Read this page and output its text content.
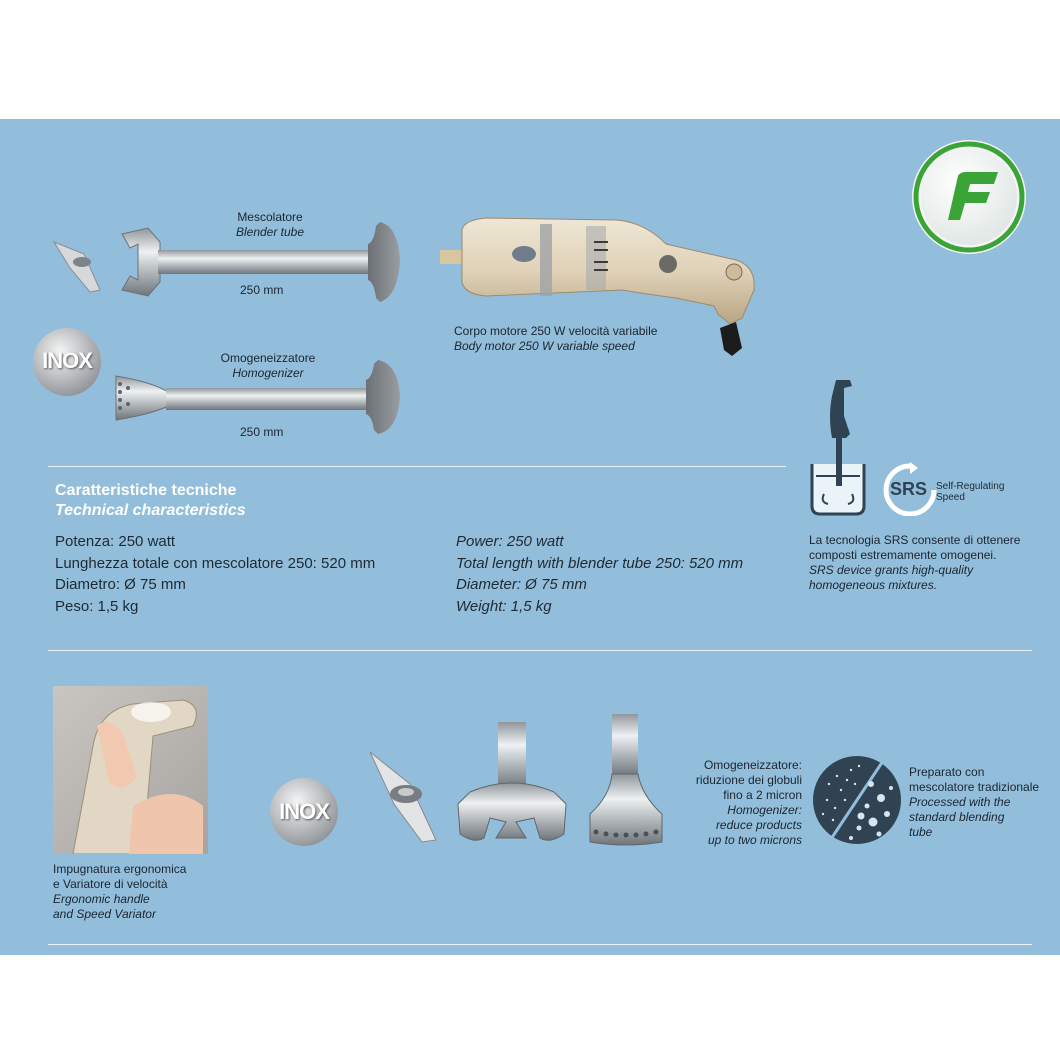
Mescolatore
Blender tube
250 mm
INOX	Omogeneizzatore
Homogenizer
250 mm
Corpo motore 250 W velocità variabile
Body motor 250 W variable speed
SRS Self-Regulating
Speed
La tecnologia SRS consente di ottenere
composti estremamente omogenei.
SRS device grants high-quality
homogeneous mixtures.
Caratteristiche tecniche
Technical characteristics
Potenza: 250 watt
Lunghezza totale con mescolatore 250: 520 mm
Diametro: Ø 75 mm
Peso: 1,5 kg
Power: 250 watt
Total length with blender tube 250: 520 mm
Diameter: Ø 75 mm
Weight: 1,5 kg
Impugnatura ergonomica
e Variatore di velocità
Ergonomic handle
and Speed Variator
INOX
Omogeneizzatore:
riduzione dei globuli
fino a 2 micron
Homogenizer:
reduce products
up to two microns
Preparato con
mescolatore tradizionale
Processed with the
standard blending
tube
